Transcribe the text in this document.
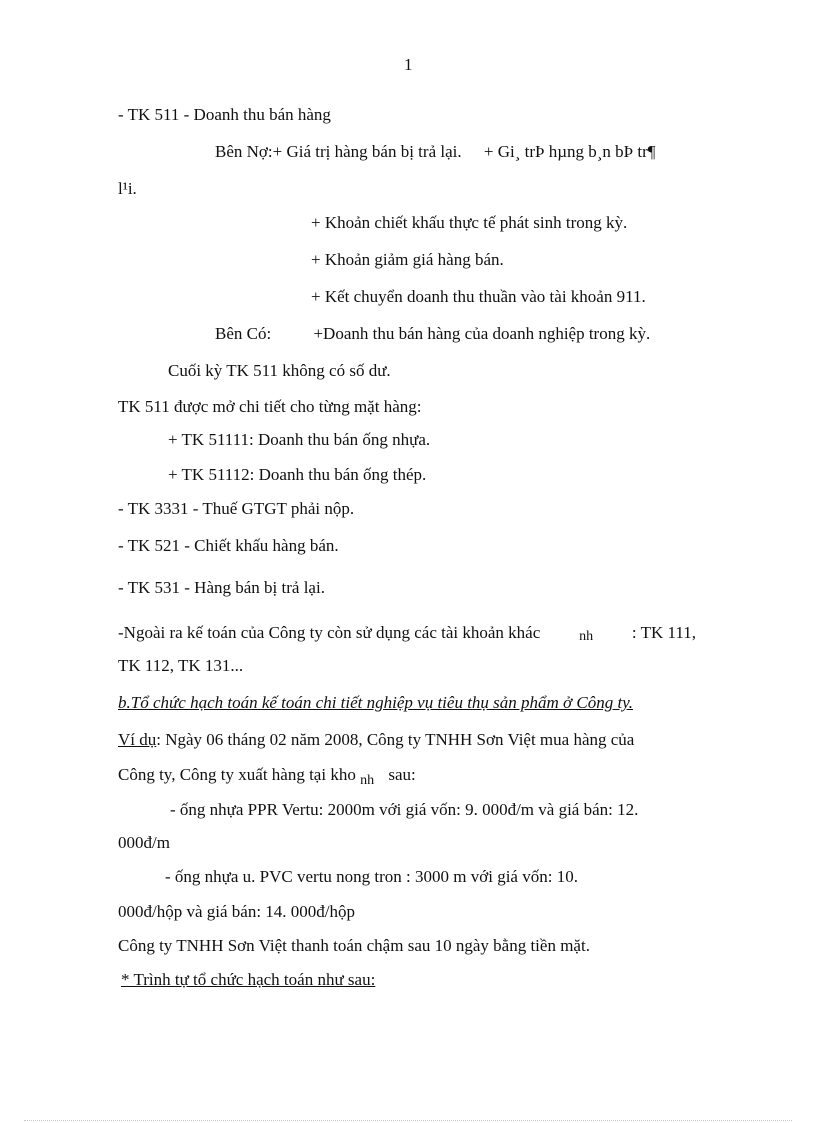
1
- TK 511 - Doanh thu bán hàng
Bên Nợ:+ Giá trị hàng bán bị trả lại. + Gi¸ trÞ hµng b¸n bÞ tr¶
l¹i.
+ Khoản chiết khấu thực tế phát sinh trong kỳ.
+ Khoản giảm giá hàng bán.
+ Kết chuyển doanh thu thuần vào tài khoản 911.
Bên Có: +Doanh thu bán hàng của doanh nghiệp trong kỳ.
Cuối kỳ TK 511 không có số dư.
TK 511 được mở chi tiết cho từng mặt hàng:
+ TK 51111: Doanh thu bán ống nhựa.
+ TK 51112: Doanh thu bán ống thép.
- TK 3331 - Thuế GTGT phải nộp.
- TK 521 - Chiết khấu hàng bán.
- TK 531 - Hàng bán bị trả lại.
-Ngoài ra kế toán của Công ty còn sử dụng các tài khoản khác	nh : TK 111,
TK 112, TK 131...
b.Tổ chức hạch toán kế toán chi tiết nghiệp vụ tiêu thụ sản phẩm ở Công ty.
Ví dụ: Ngày 06 tháng 02 năm 2008, Công ty TNHH Sơn Việt mua hàng của
Công ty, Công ty xuất hàng tại kho $_{nh}$ sau:
- ống nhựa PPR Vertu: 2000m với giá vốn: 9. 000đ/m và giá bán: 12.
000đ/m
- ống nhựa u. PVC vertu nong tron : 3000 m với giá vốn: 10.
000đ/hộp và giá bán: 14. 000đ/hộp
Công ty TNHH Sơn Việt thanh toán chậm sau 10 ngày bằng tiền mặt.
* Trình tự tổ chức hạch toán như sau:
